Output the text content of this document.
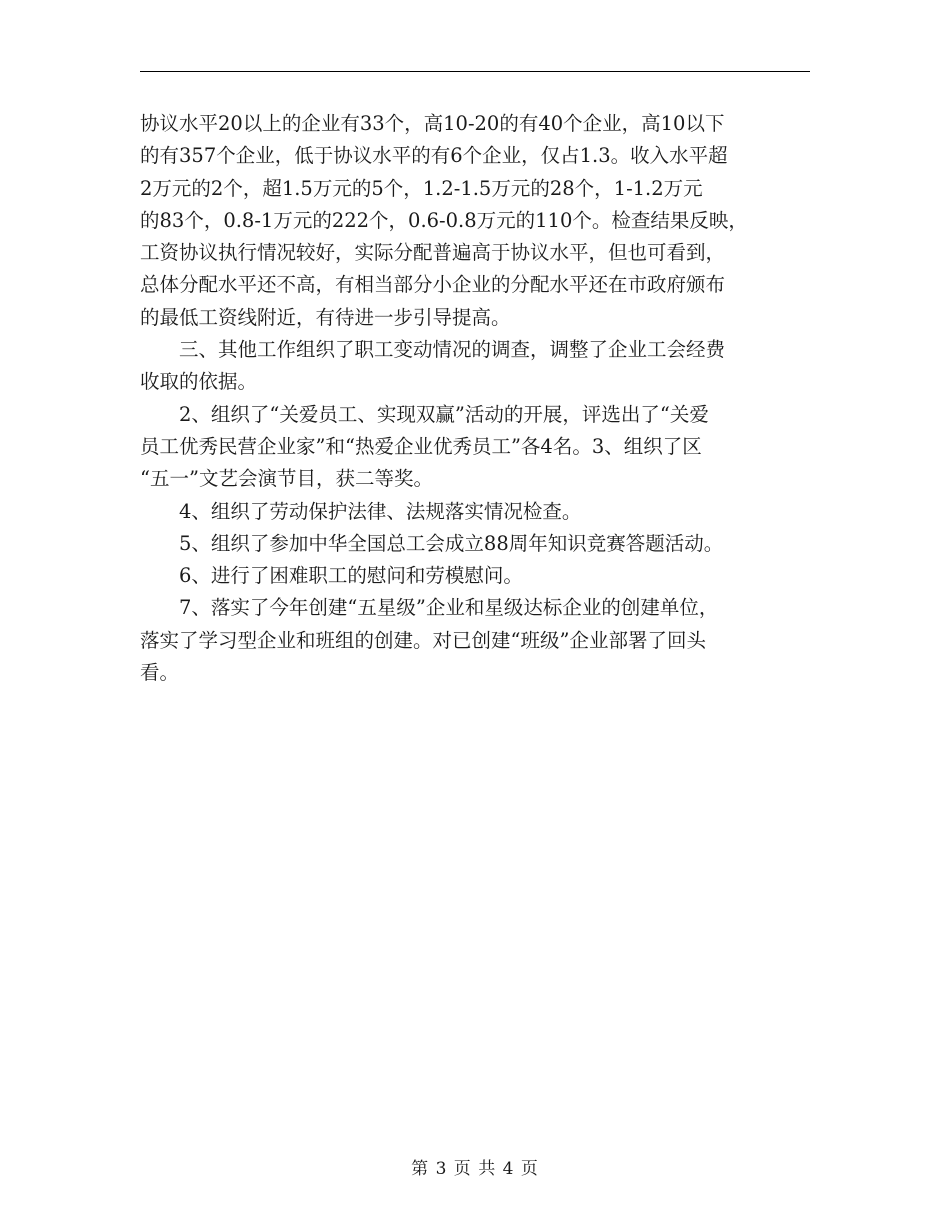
协议水平20以上的企业有33个，高10-20的有40个企业，高10以下
的有357个企业，低于协议水平的有6个企业，仅占1.3。收入水平超
2万元的2个，超1.5万元的5个，1.2-1.5万元的28个，1-1.2万元
的83个，0.8-1万元的222个，0.6-0.8万元的110个。检查结果反映，
工资协议执行情况较好，实际分配普遍高于协议水平，但也可看到，
总体分配水平还不高，有相当部分小企业的分配水平还在市政府颁布
的最低工资线附近，有待进一步引导提高。
三、其他工作组织了职工变动情况的调查，调整了企业工会经费
收取的依据。
2、组织了“关爱员工、实现双赢”活动的开展，评选出了“关爱
员工优秀民营企业家”和“热爱企业优秀员工”各4名。3、组织了区
“五一”文艺会演节目，获二等奖。
4、组织了劳动保护法律、法规落实情况检查。
5、组织了参加中华全国总工会成立88周年知识竞赛答题活动。
6、进行了困难职工的慰问和劳模慰问。
7、落实了今年创建“五星级”企业和星级达标企业的创建单位，
落实了学习型企业和班组的创建。对已创建“班级”企业部署了回头
看。
第 3 页 共 4 页
